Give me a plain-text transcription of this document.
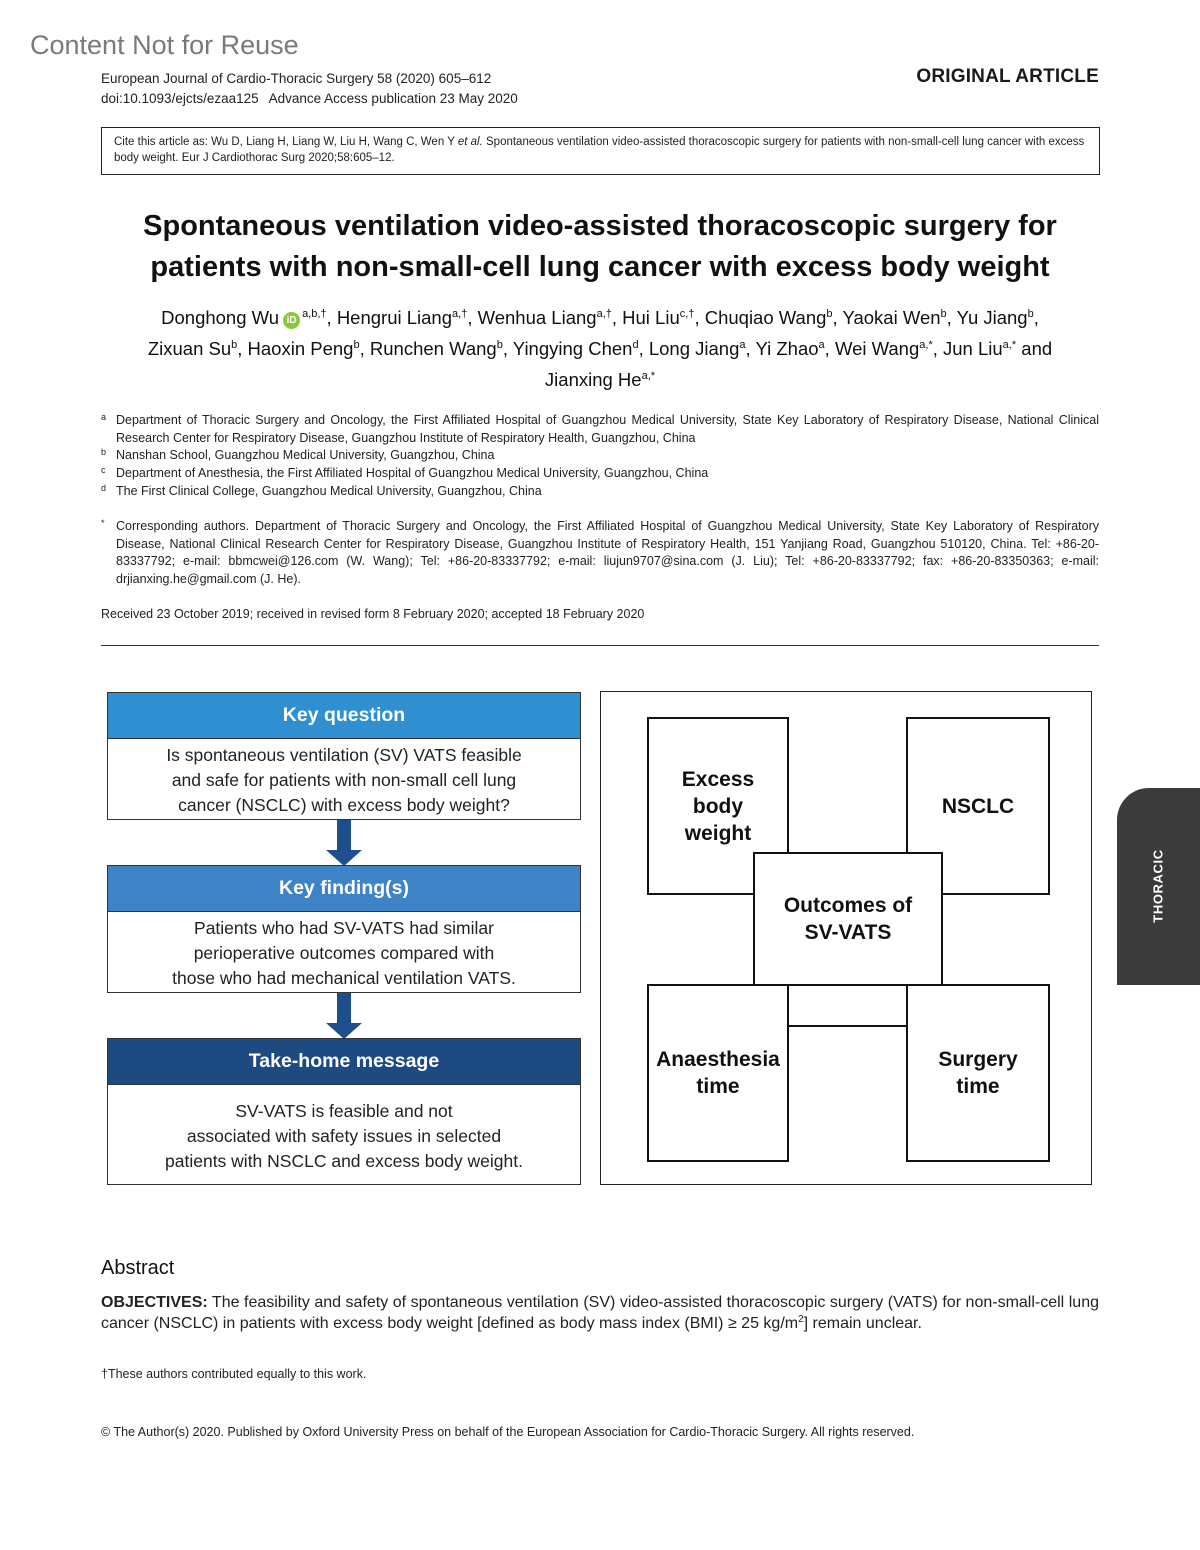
Content Not for Reuse
European Journal of Cardio-Thoracic Surgery 58 (2020) 605–612
doi:10.1093/ejcts/ezaa125 Advance Access publication 23 May 2020
ORIGINAL ARTICLE
Cite this article as: Wu D, Liang H, Liang W, Liu H, Wang C, Wen Y et al. Spontaneous ventilation video-assisted thoracoscopic surgery for patients with non-small-cell lung cancer with excess body weight. Eur J Cardiothorac Surg 2020;58:605–12.
Spontaneous ventilation video-assisted thoracoscopic surgery for
patients with non-small-cell lung cancer with excess body weight
Donghong Wu $iD^{a,b,\dagger}$, Hengrui Liang$^{a,\dagger}$, Wenhua Liang$^{a,\dagger}$, Hui Liu$^{c,\dagger}$, Chuqiao Wang$^b$, Yaokai Wen$^b$, Yu Jiang$^b$,
Zixuan Su$^b$, Haoxin Peng$^b$, Runchen Wang$^b$, Yingying Chen$^d$, Long Jiang$^a$, Yi Zhao$^a$, Wei Wang$^{a,*}$, Jun Liu$^{a,*}$ and
Jianxing $He^{a,*}$
a Department of Thoracic Surgery and Oncology, the First Affiliated Hospital of Guangzhou Medical University, State Key Laboratory of Respiratory Disease, National Clinical Research Center for Respiratory Disease, Guangzhou Institute of Respiratory Health, Guangzhou, China
b Nanshan School, Guangzhou Medical University, Guangzhou, China
c Department of Anesthesia, the First Affiliated Hospital of Guangzhou Medical University, Guangzhou, China
d The First Clinical College, Guangzhou Medical University, Guangzhou, China
* Corresponding authors. Department of Thoracic Surgery and Oncology, the First Affiliated Hospital of Guangzhou Medical University, State Key Laboratory of Respiratory Disease, National Clinical Research Center for Respiratory Disease, Guangzhou Institute of Respiratory Health, 151 Yanjiang Road, Guangzhou 510120, China. Tel: +86-20-83337792; e-mail: bbmcwei@126.com (W. Wang); Tel: +86-20-83337792; e-mail: liujun9707@sina.com (J. Liu); Tel: +86-20-83337792; fax: +86-20-83350363; e-mail: drjianxing.he@gmail.com (J. He).
Received 23 October 2019; received in revised form 8 February 2020; accepted 18 February 2020
Key question
Is spontaneous ventilation (SV) VATS feasible
and safe for patients with non-small cell lung
cancer (NSCLC) with excess body weight?
Key finding(s)
Patients who had SV-VATS had similar
perioperative outcomes compared with
those who had mechanical ventilation VATS.
Take-home message
SV-VATS is feasible and not
associated with safety issues in selected
patients with NSCLC and excess body weight.
Excess
body
weight
NSCLC
Anaesthesia
time
Surgery
time
Outcomes of
SV-VATS
THORACIC
Abstract
OBJECTIVES: The feasibility and safety of spontaneous ventilation (SV) video-assisted thoracoscopic surgery (VATS) for non-small-cell lung cancer (NSCLC) in patients with excess body weight [defined as body mass index (BMI) ≥ 25 $kg/m^2$] remain unclear.
†These authors contributed equally to this work.
© The Author(s) 2020. Published by Oxford University Press on behalf of the European Association for Cardio-Thoracic Surgery. All rights reserved.
